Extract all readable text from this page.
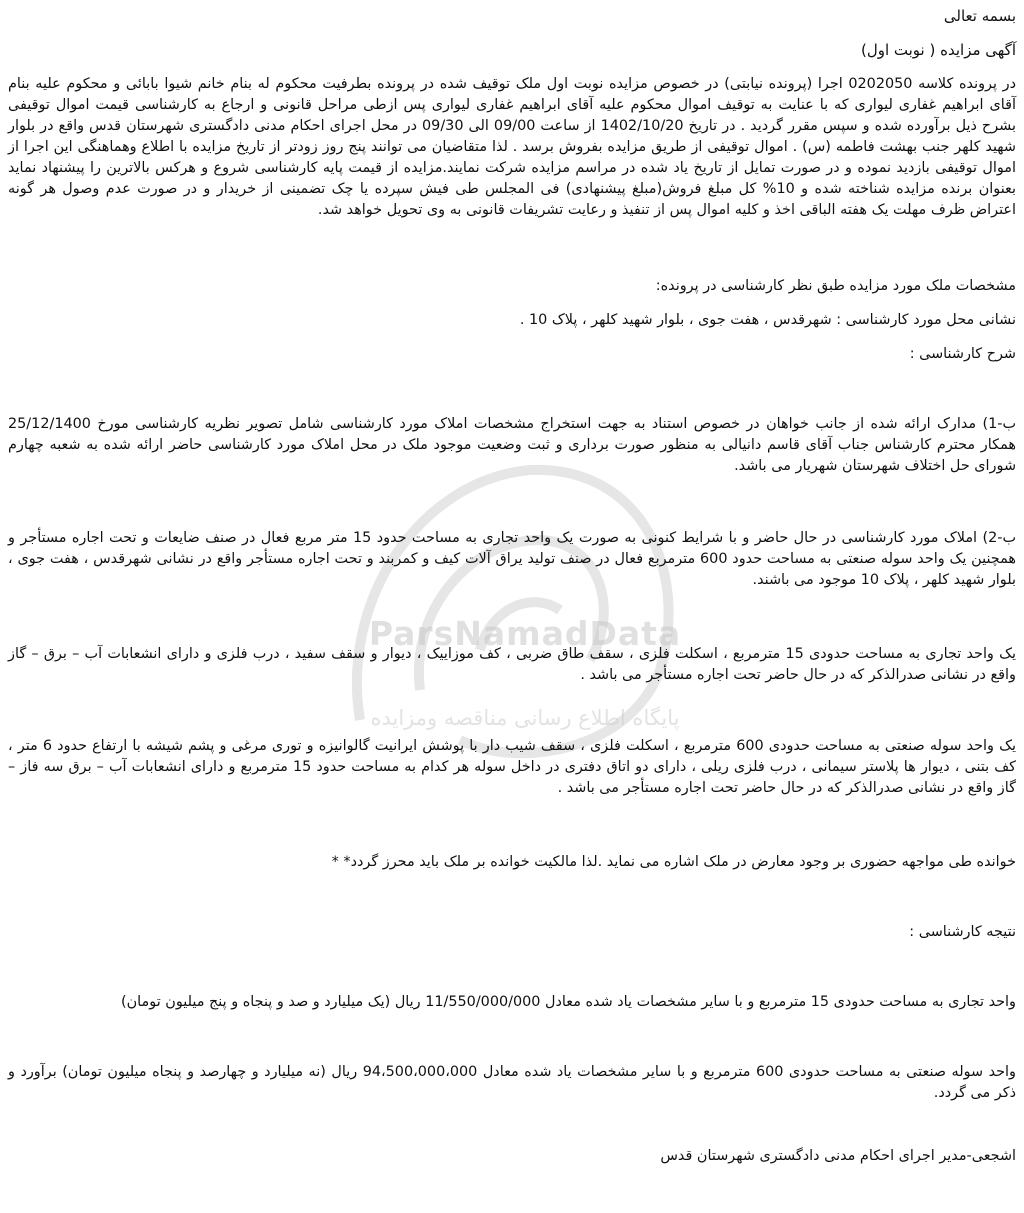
ParsNamadData
پایگاه اطلاع رسانی مناقصه ومزایده
بسمه تعالی
آگهی مزایده ( نوبت اول)
در پرونده کلاسه 0202050 اجرا (پرونده نیابتی) در خصوص مزایده نوبت اول ملک توقیف شده در پرونده بطرفیت محکوم له بنام خانم شیوا بابائی و محکوم علیه بنام آقای ابراهیم غفاری لیواری که با عنایت به توقیف اموال محکوم علیه آقای ابراهیم غفاری لیواری پس ازطی مراحل قانونی و ارجاع به کارشناسی قیمت اموال توقیفی بشرح ذیل برآورده شده و سپس مقرر گردید . در تاریخ 1402/10/20 از ساعت 09/00 الی 09/30 در محل اجرای احکام مدنی دادگستری شهرستان قدس واقع در بلوار شهید کلهر جنب بهشت فاطمه (س) . اموال توقیفی از طریق مزایده بفروش برسد . لذا متقاضیان می توانند پنج روز زودتر از تاریخ مزایده با اطلاع وهماهنگی این اجرا از اموال توقیفی بازدید نموده و در صورت تمایل از تاریخ یاد شده در مراسم مزایده شرکت نمایند.مزایده از قیمت پایه کارشناسی شروع و هرکس بالاترین را پیشنهاد نماید بعنوان برنده مزایده شناخته شده و 10% کل مبلغ فروش(مبلغ پیشنهادی) فی المجلس طی فیش سپرده یا چک تضمینی از خریدار و در صورت عدم وصول هر گونه اعتراض ظرف مهلت یک هفته الباقی اخذ و کلیه اموال پس از تنفیذ و رعایت تشریفات قانونی به وی تحویل خواهد شد.
مشخصات ملک مورد مزایده طبق نظر کارشناسی در پرونده:
نشانی محل مورد کارشناسی : شهرقدس ، هفت جوی ، بلوار شهید کلهر ، پلاک 10 .
شرح کارشناسی :
ب-1) مدارک ارائه شده از جانب خواهان در خصوص استناد به جهت استخراج مشخصات املاک مورد کارشناسی شامل تصویر نظریه کارشناسی مورخ 25/12/1400 همکار محترم کارشناس جناب آقای قاسم دانیالی به منظور صورت برداری و ثبت وضعیت موجود ملک در محل املاک مورد کارشناسی حاضر ارائه شده به شعبه چهارم شورای حل اختلاف شهرستان شهریار می باشد.
ب-2) املاک مورد کارشناسی در حال حاضر و با شرایط کنونی به صورت یک واحد تجاری به مساحت حدود 15 متر مربع فعال در صنف ضایعات و تحت اجاره مستأجر و همچنین یک واحد سوله صنعتی به مساحت حدود 600 مترمربع فعال در صنف تولید یراق آلات کیف و کمربند و تحت اجاره مستأجر واقع در نشانی شهرقدس ، هفت جوی ، بلوار شهید کلهر ، پلاک 10 موجود می باشند.
یک واحد تجاری به مساحت حدودی 15 مترمربع ، اسکلت فلزی ، سقف طاق ضربی ، کف موزاییک ، دیوار و سقف سفید ، درب فلزی و دارای انشعابات آب – برق – گاز واقع در نشانی صدرالذکر که در حال حاضر تحت اجاره مستأجر می باشد .
یک واحد سوله صنعتی به مساحت حدودی 600 مترمربع ، اسکلت فلزی ، سقف شیب دار با پوشش ایرانیت گالوانیزه و توری مرغی و پشم شیشه با ارتفاع حدود 6 متر ، کف بتنی ، دیوار ها پلاستر سیمانی ، درب فلزی ریلی ، دارای دو اتاق دفتری در داخل سوله هر کدام به مساحت حدود 15 مترمربع و دارای انشعابات آب – برق سه فاز – گاز واقع در نشانی صدرالذکر که در حال حاضر تحت اجاره مستأجر می باشد .
خوانده طی مواجهه حضوری بر وجود معارض در ملک اشاره می نماید .لذا مالکیت خوانده بر ملک باید محرز گردد* *
نتیجه کارشناسی :
واحد تجاری به مساحت حدودی 15 مترمربع و با سایر مشخصات یاد شده معادل 11/550/000/000 ریال (یک میلیارد و صد و پنجاه و پنج میلیون تومان)
واحد سوله صنعتی به مساحت حدودی 600 مترمربع و با سایر مشخصات یاد شده معادل 94،500،000،000 ریال (نه میلیارد و چهارصد و پنجاه میلیون تومان) برآورد و ذکر می گردد.
اشجعی-مدیر اجرای احکام مدنی دادگستری شهرستان قدس
